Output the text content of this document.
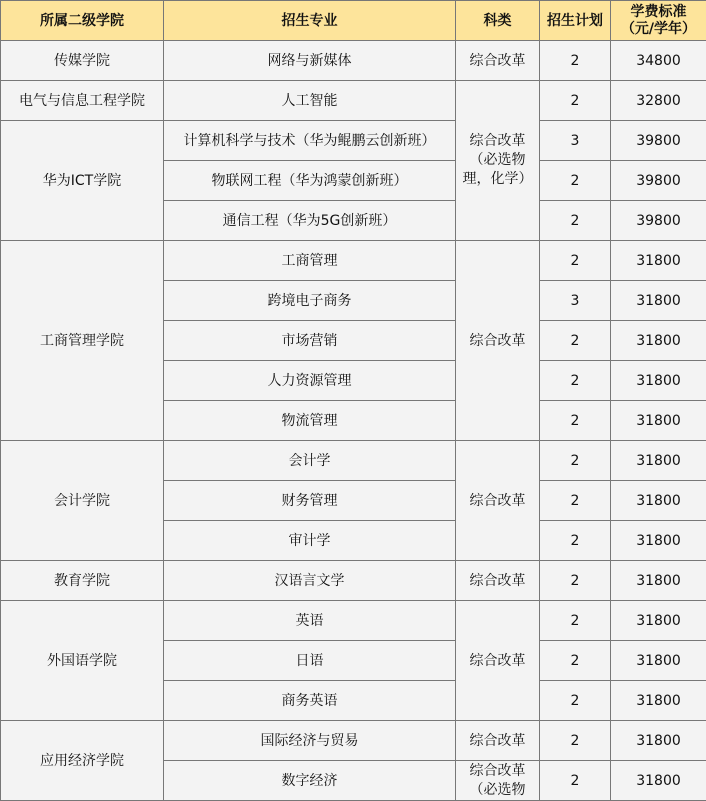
所属二级学院	招生专业	科类	招生计划	学费标准
（元/学年）

传媒学院	网络与新媒体	综合改革	2	34800
电气与信息工程学院	人工智能	综合改革（必选物理，化学）	2	32800
华为ICT学院	计算机科学与技术（华为鲲鹏云创新班）		3	39800
	物联网工程（华为鸿蒙创新班）		2	39800
	通信工程（华为5G创新班）		2	39800
工商管理学院	工商管理	综合改革	2	31800
	跨境电子商务		3	31800
	市场营销		2	31800
	人力资源管理		2	31800
	物流管理		2	31800
会计学院	会计学	综合改革	2	31800
	财务管理		2	31800
	审计学		2	31800
教育学院	汉语言文学	综合改革	2	31800
外国语学院	英语	综合改革	2	31800
	日语		2	31800
	商务英语		2	31800
应用经济学院	国际经济与贸易	综合改革	2	31800
	数字经济	综合改革（必选物	2	31800
